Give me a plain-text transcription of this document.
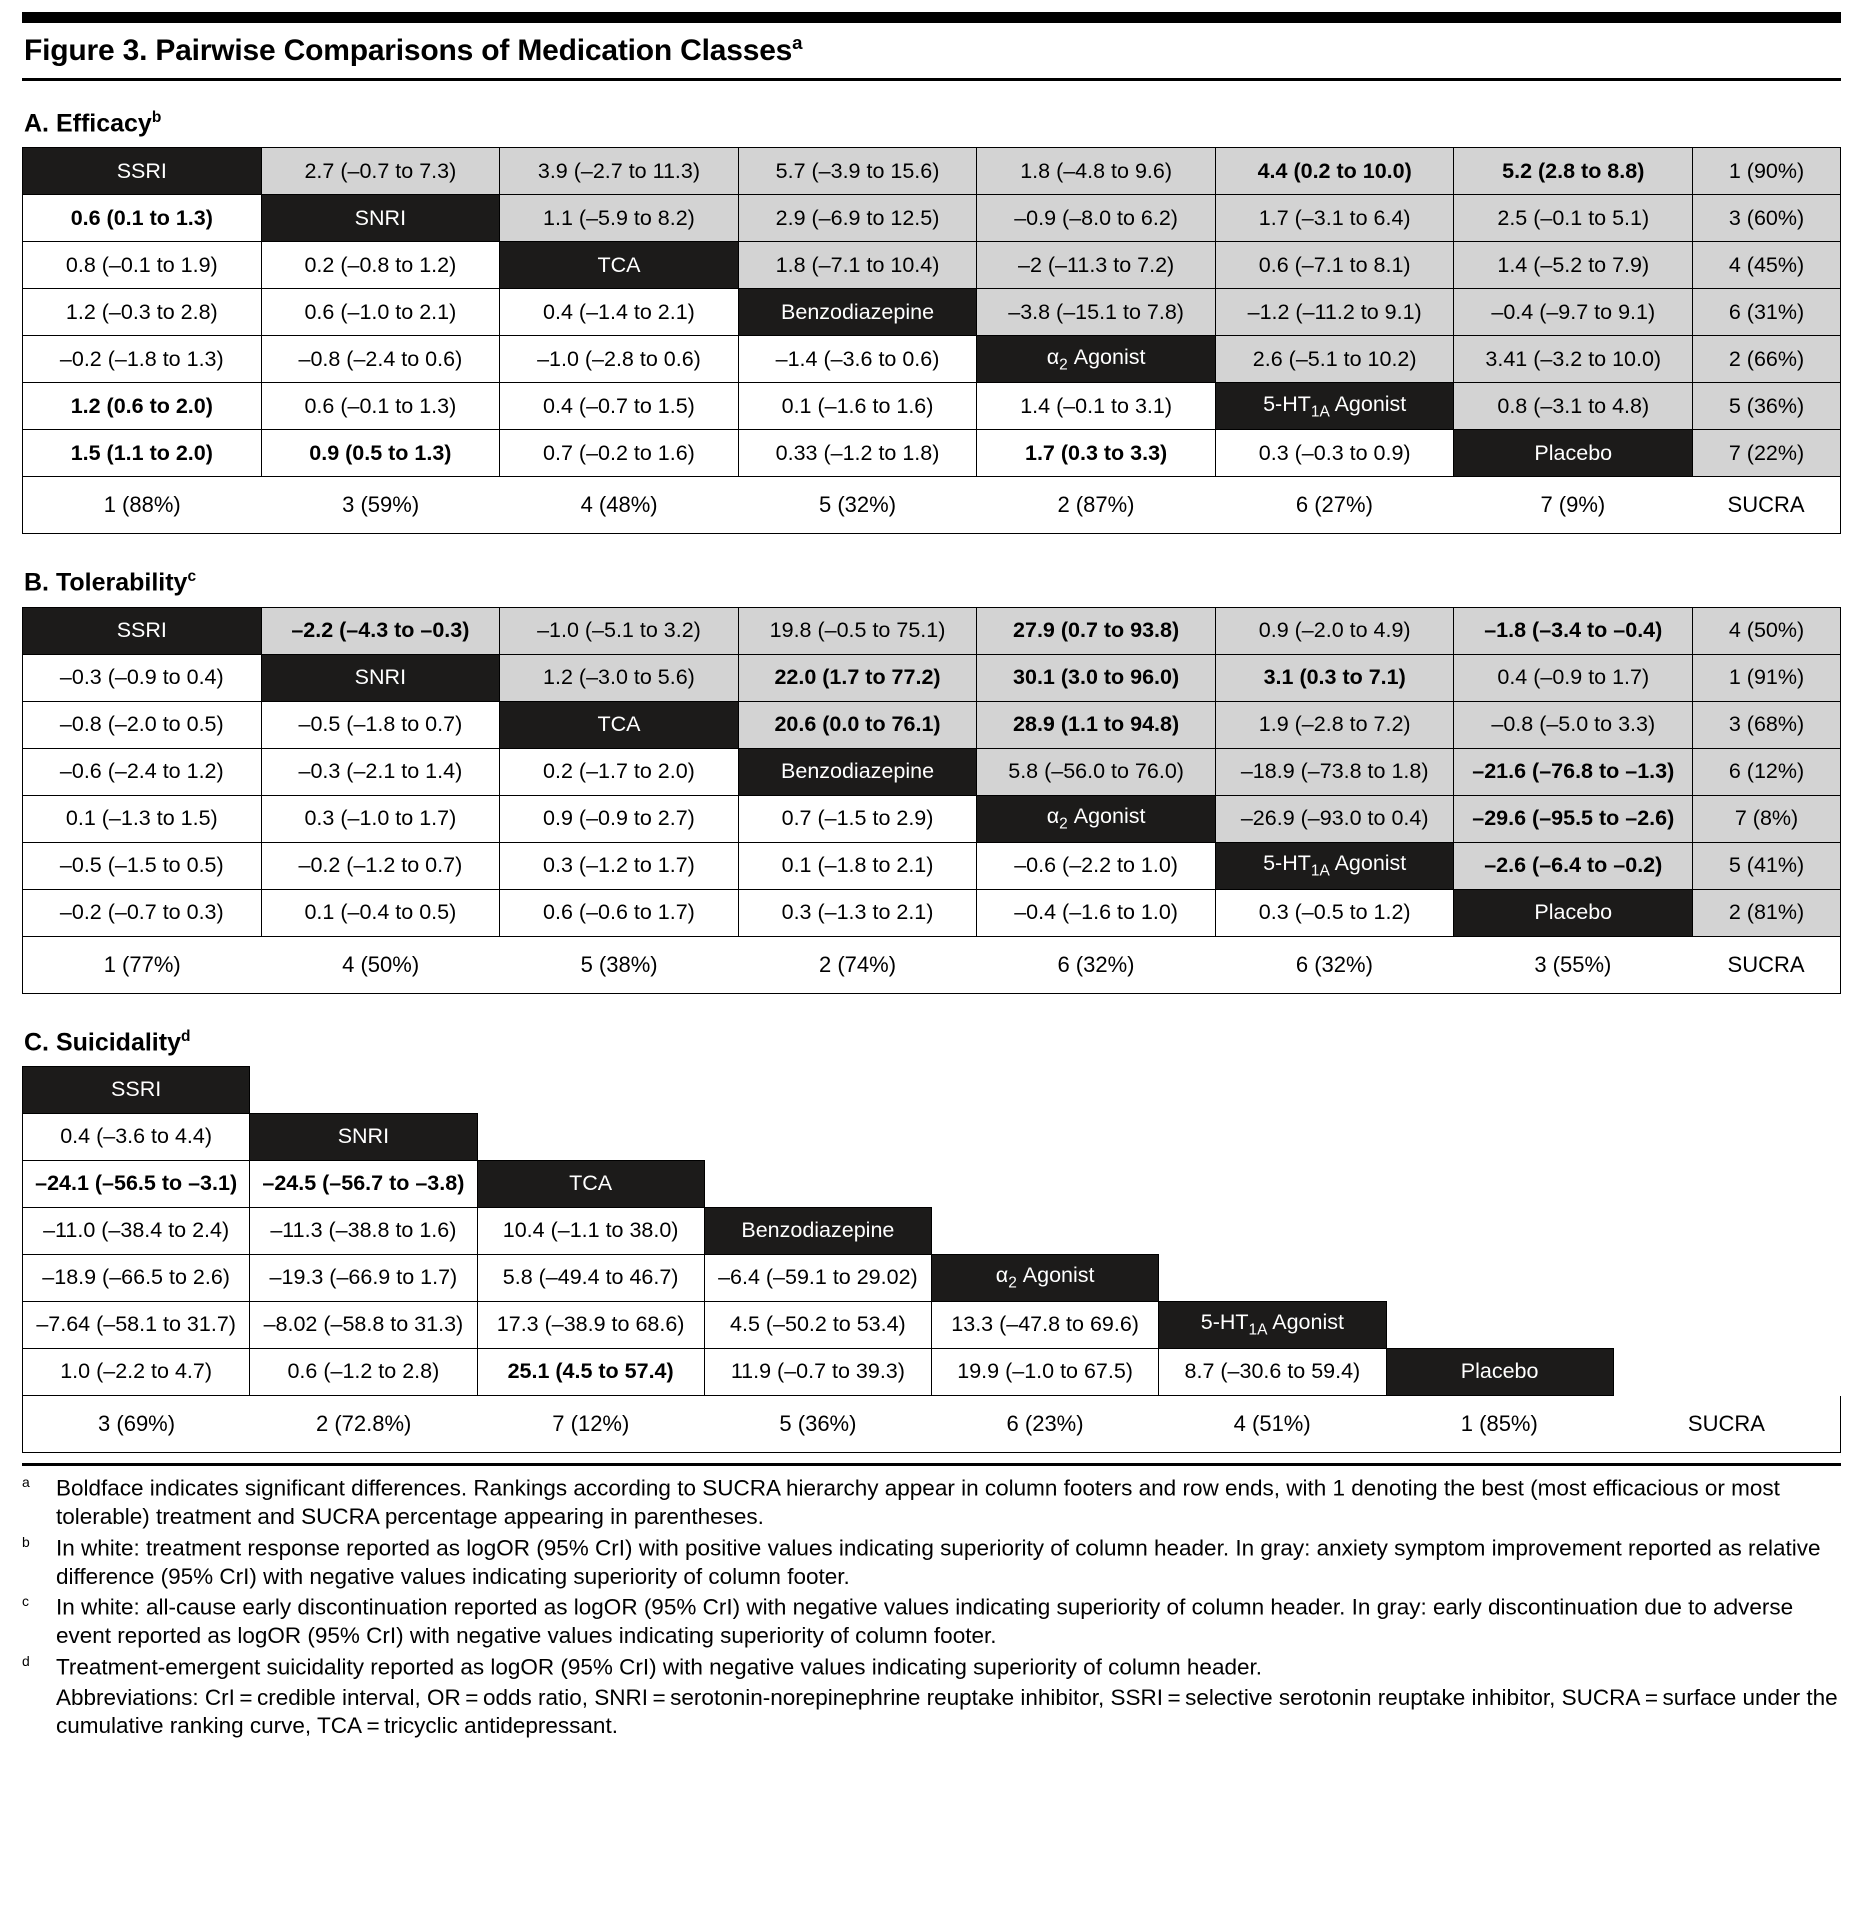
Figure 3. Pairwise Comparisons of Medication Classes$^a$
A. Efficacy$^b$
SSRI	2.7 (–0.7 to 7.3)	3.9 (–2.7 to 11.3)	5.7 (–3.9 to 15.6)	1.8 (–4.8 to 9.6)	4.4 (0.2 to 10.0)	5.2 (2.8 to 8.8)	1 (90%)
0.6 (0.1 to 1.3)	SNRI	1.1 (–5.9 to 8.2)	2.9 (–6.9 to 12.5)	–0.9 (–8.0 to 6.2)	1.7 (–3.1 to 6.4)	2.5 (–0.1 to 5.1)	3 (60%)
0.8 (–0.1 to 1.9)	0.2 (–0.8 to 1.2)	TCA	1.8 (–7.1 to 10.4)	–2 (–11.3 to 7.2)	0.6 (–7.1 to 8.1)	1.4 (–5.2 to 7.9)	4 (45%)
1.2 (–0.3 to 2.8)	0.6 (–1.0 to 2.1)	0.4 (–1.4 to 2.1)	Benzodiazepine	–3.8 (–15.1 to 7.8)	–1.2 (–11.2 to 9.1)	–0.4 (–9.7 to 9.1)	6 (31%)
–0.2 (–1.8 to 1.3)	–0.8 (–2.4 to 0.6)	–1.0 (–2.8 to 0.6)	–1.4 (–3.6 to 0.6)	$\alpha_2$ Agonist	2.6 (–5.1 to 10.2)	3.41 (–3.2 to 10.0)	2 (66%)
1.2 (0.6 to 2.0)	0.6 (–0.1 to 1.3)	0.4 (–0.7 to 1.5)	0.1 (–1.6 to 1.6)	1.4 (–0.1 to 3.1)	$5-HT_{1A}$ Agonist	0.8 (–3.1 to 4.8)	5 (36%)
1.5 (1.1 to 2.0)	0.9 (0.5 to 1.3)	0.7 (–0.2 to 1.6)	0.33 (–1.2 to 1.8)	1.7 (0.3 to 3.3)	0.3 (–0.3 to 0.9)	Placebo	7 (22%)
1 (88%)	3 (59%)	4 (48%)	5 (32%)	2 (87%)	6 (27%)	7 (9%)	SUCRA
B. Tolerability$^c$
SSRI	–2.2 (–4.3 to –0.3)	–1.0 (–5.1 to 3.2)	19.8 (–0.5 to 75.1)	27.9 (0.7 to 93.8)	0.9 (–2.0 to 4.9)	–1.8 (–3.4 to –0.4)	4 (50%)
–0.3 (–0.9 to 0.4)	SNRI	1.2 (–3.0 to 5.6)	22.0 (1.7 to 77.2)	30.1 (3.0 to 96.0)	3.1 (0.3 to 7.1)	0.4 (–0.9 to 1.7)	1 (91%)
–0.8 (–2.0 to 0.5)	–0.5 (–1.8 to 0.7)	TCA	20.6 (0.0 to 76.1)	28.9 (1.1 to 94.8)	1.9 (–2.8 to 7.2)	–0.8 (–5.0 to 3.3)	3 (68%)
–0.6 (–2.4 to 1.2)	–0.3 (–2.1 to 1.4)	0.2 (–1.7 to 2.0)	Benzodiazepine	5.8 (–56.0 to 76.0)	–18.9 (–73.8 to 1.8)	–21.6 (–76.8 to –1.3)	6 (12%)
0.1 (–1.3 to 1.5)	0.3 (–1.0 to 1.7)	0.9 (–0.9 to 2.7)	0.7 (–1.5 to 2.9)	$\alpha_2$ Agonist	–26.9 (–93.0 to 0.4)	–29.6 (–95.5 to –2.6)	7 (8%)
–0.5 (–1.5 to 0.5)	–0.2 (–1.2 to 0.7)	0.3 (–1.2 to 1.7)	0.1 (–1.8 to 2.1)	–0.6 (–2.2 to 1.0)	$5-HT_{1A}$ Agonist	–2.6 (–6.4 to –0.2)	5 (41%)
–0.2 (–0.7 to 0.3)	0.1 (–0.4 to 0.5)	0.6 (–0.6 to 1.7)	0.3 (–1.3 to 2.1)	–0.4 (–1.6 to 1.0)	0.3 (–0.5 to 1.2)	Placebo	2 (81%)
1 (77%)	4 (50%)	5 (38%)	2 (74%)	6 (32%)	6 (32%)	3 (55%)	SUCRA
C. Suicidality$^d$
SSRI							
0.4 (–3.6 to 4.4)	SNRI						
–24.1 (–56.5 to –3.1)	–24.5 (–56.7 to –3.8)	TCA					
–11.0 (–38.4 to 2.4)	–11.3 (–38.8 to 1.6)	10.4 (–1.1 to 38.0)	Benzodiazepine				
–18.9 (–66.5 to 2.6)	–19.3 (–66.9 to 1.7)	5.8 (–49.4 to 46.7)	–6.4 (–59.1 to 29.02)	$\alpha_2$ Agonist			
–7.64 (–58.1 to 31.7)	–8.02 (–58.8 to 31.3)	17.3 (–38.9 to 68.6)	4.5 (–50.2 to 53.4)	13.3 (–47.8 to 69.6)	$5-HT_{1A}$ Agonist		
1.0 (–2.2 to 4.7)	0.6 (–1.2 to 2.8)	25.1 (4.5 to 57.4)	11.9 (–0.7 to 39.3)	19.9 (–1.0 to 67.5)	8.7 (–30.6 to 59.4)	Placebo	
3 (69%)	2 (72.8%)	7 (12%)	5 (36%)	6 (23%)	4 (51%)	1 (85%)	SUCRA

$^a$ Boldface indicates significant differences. Rankings according to SUCRA hierarchy appear in column footers and row ends, with 1 denoting the best (most efficacious or most tolerable) treatment and SUCRA percentage appearing in parentheses.

$^b$ In white: treatment response reported as logOR (95% CrI) with positive values indicating superiority of column header. In gray: anxiety symptom improvement reported as relative difference (95% CrI) with negative values indicating superiority of column footer.

$^c$ In white: all-cause early discontinuation reported as logOR (95% CrI) with negative values indicating superiority of column header. In gray: early discontinuation due to adverse event reported as logOR (95% CrI) with negative values indicating superiority of column footer.

$^d$ Treatment-emergent suicidality reported as logOR (95% CrI) with negative values indicating superiority of column header.

Abbreviations: CrI = credible interval, OR = odds ratio, SNRI = serotonin-norepinephrine reuptake inhibitor, SSRI = selective serotonin reuptake inhibitor, SUCRA = surface under the cumulative ranking curve, TCA = tricyclic antidepressant.
